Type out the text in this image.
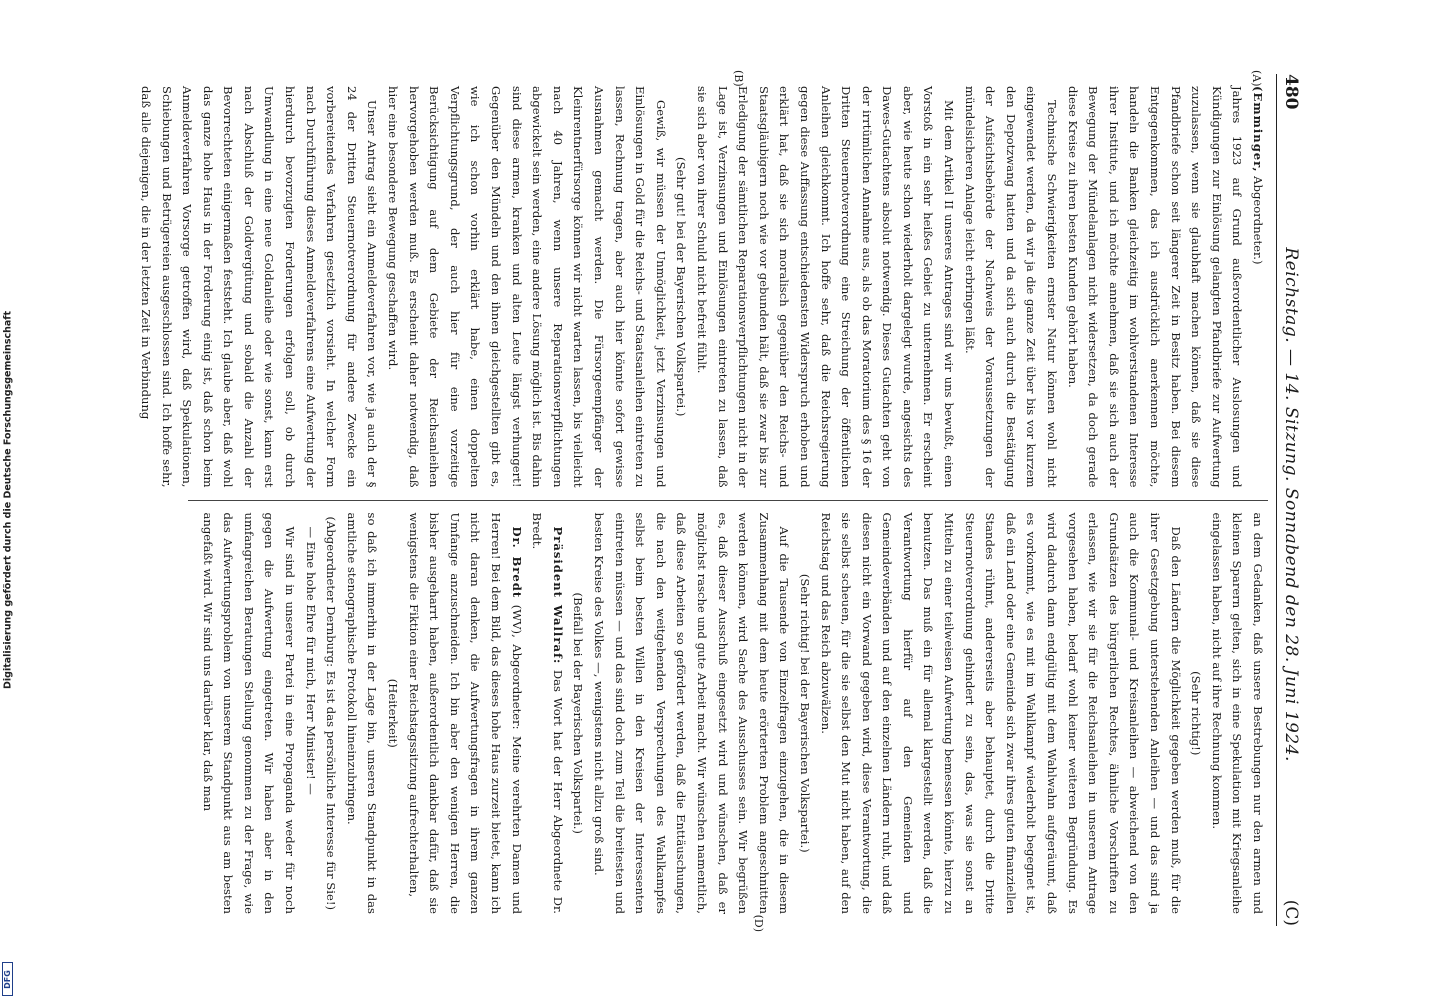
Digitalisierung gefördert durch die Deutsche Forschungsgemeinschaft
DFG
480
Reichstag. — 14. Sitzung. Sonnabend den 28. Juni 1924.
(C)

(Emminger, Abgeordneter.)

Jahres 1923 auf Grund außerordentlicher Auslosungen und Kündigungen zur Einlösung gelangten Pfandbriefe zur Aufwertung zuzulassen, wenn sie glaubhaft machen können, daß sie diese Pfandbriefe schon seit längerer Zeit in Besitz haben. Bei diesem Entgegenkommen, das ich ausdrücklich anerkennen möchte, handeln die Banken gleichzeitig im wohlverstandenen Interesse ihrer Institute, und ich möchte annehmen, daß sie sich auch der Bewegung der Mündelanlagen nicht widersetzen, da doch gerade diese Kreise zu ihren besten Kunden gehört haben.

Technische Schwierigkeiten ernster Natur können wohl nicht eingewendet werden, da wir ja die ganze Zeit über bis vor kurzem den Depotzwang hatten und da sich auch durch die Bestätigung der Aufsichtsbehörde der Nachweis der Voraussetzungen der mündelsicheren Anlage leicht erbringen läßt.

Mit dem Artikel II unseres Antrages sind wir uns bewußt, einen Vorstoß in ein sehr heißes Gebiet zu unternehmen. Er erscheint aber, wie heute schon wiederholt dargelegt wurde, angesichts des Dawes-Gutachtens absolut notwendig. Dieses Gutachten geht von der irrtümlichen Annahme aus, als ob das Moratorium des § 16 der Dritten Steuernotverordnung eine Streichung der öffentlichen Anleihen gleichkommt. Ich hoffe sehr, daß die Reichsregierung gegen diese Auffassung entschiedensten Widerspruch erhoben und erklärt hat, daß sie sich moralisch gegenüber den Reichs- und Staatsgläubigern noch wie vor gebunden hält, daß sie zwar bis zur Erledigung der sämtlichen Reparationsverpflichtungen nicht in der Lage ist, Verzinsungen und Einlösungen eintreten zu lassen, daß sie sich aber von ihrer Schuld nicht befreit fühlt.

(Sehr gut! bei der Bayerischen Volkspartei.)

Gewiß, wir müssen der Unmöglichkeit, jetzt Verzinsungen und Einlösungen in Gold für die Reichs- und Staatsanleihen eintreten zu lassen, Rechnung tragen, aber auch hier könnte sofort gewisse Ausnahmen gemacht werden. Die Fürsorgeempfänger der Kleinrentnerfürsorge können wir nicht warten lassen, bis vielleicht nach 40 Jahren, wenn unsere Reparationsverpflichtungen abgewickelt sein werden, eine andere Lösung möglich ist. Bis dahin sind diese armen, kranken und alten Leute längst verhungert! Gegenüber den Mündeln und den ihnen gleichgestellten gibt es, wie ich schon vorhin erklärt habe, einen doppelten Verpflichtungsgrund, der auch hier für eine vorzeitige Berücksichtigung auf dem Gebiete der Reichsanleihen hervorgehoben werden muß. Es erscheint daher notwendig, daß hier eine besondere Bewegung geschaffen wird.

Unser Antrag sieht ein Anmeldeverfahren vor, wie ja auch der § 24 der Dritten Steuernotverordnung für andere Zwecke ein vorbereitendes Verfahren gesetzlich vorsieht. In welcher Form nach Durchführung dieses Anmeldeverfahrens eine Aufwertung der hierdurch bevorzugten Forderungen erfolgen soll, ob durch Umwandlung in eine neue Goldanleihe oder wie sonst, kann erst nach Abschluß der Goldvergütung und sobald die Anzahl der Bevorrechteten einigermaßen feststeht. Ich glaube aber, daß wohl das ganze hohe Haus in der Forderung einig ist, daß schon beim Anmeldeverfahren Vorsorge getroffen wird, daß Spekulationen, Schiebungen und Betrügereien ausgeschlossen sind. Ich hoffe sehr, daß alle diejenigen, die in der letzten Zeit in Verbindung

(A)
(B)

an dem Gedanken, daß unsere Bestrebungen nur den armen und kleinen Sparern gelten, sich in eine Spekulation mit Kriegsanleihe eingelassen haben, nicht auf ihre Rechnung kommen.

(Sehr richtig!)

Daß den Ländern die Möglichkeit gegeben werden muß, für die ihrer Gesetzgebung unterstehenden Anleihen — und das sind ja auch die Kommunal- und Kreisanleihen — abweichend von den Grundsätzen des bürgerlichen Rechtes, ähnliche Vorschriften zu erlassen, wie wir sie für die Reichsanleihen in unserem Antrage vorgesehen haben, bedarf wohl keiner weiteren Begründung. Es wird dadurch dann endgültig mit dem Wahlwahn aufgeräumt, daß es vorkommt, wie es mit im Wahlkampf wiederholt begegnet ist, daß ein Land oder eine Gemeinde sich zwar ihres guten finanziellen Standes rühmt, andererseits aber behauptet, durch die Dritte Steuernotverordnung gehindert zu sein, das, was sie sonst an Mitteln zu einer teilweisen Aufwertung bemessen könnte, hierzu zu benutzen. Das muß ein für allemal klargestellt werden, daß die Verantwortung hierfür auf den Gemeinden und Gemeindeverbänden und auf den einzelnen Ländern ruht, und daß diesen nicht ein Vorwand gegeben wird, diese Verantwortung, die sie selbst scheuen, für die sie selbst den Mut nicht haben, auf den Reichstag und das Reich abzuwälzen.

(Sehr richtig! bei der Bayerischen Volkspartei.)

Auf die Tausende von Einzelfragen einzugehen, die in diesem Zusammenhang mit dem heute erörterten Problem angeschnitten werden können, wird Sache des Ausschusses sein. Wir begrüßen es, daß dieser Ausschuß eingesetzt wird und wünschen, daß er möglichst rasche und gute Arbeit macht. Wir wünschen namentlich, daß diese Arbeiten so gefördert werden, daß die Enttäuschungen, die nach den weitgehenden Versprechungen des Wahlkampfes selbst beim besten Willen in den Kreisen der Interessenten eintreten müssen — und das sind doch zum Teil die breitesten und besten Kreise des Volkes —, wenigstens nicht allzu groß sind.

(Beifall bei der Bayerischen Volkspartei.)

Präsident Wallraf: Das Wort hat der Herr Abgeordnete Dr. Bredt.

Dr. Bredt (WV), Abgeordneter: Meine verehrten Damen und Herren! Bei dem Bild, das dieses hohe Haus zurzeit bietet, kann ich nicht daran denken, die Aufwertungsfragen in ihrem ganzen Umfange anzuschneiden. Ich bin aber den wenigen Herren, die bisher ausgeharrt haben, außerordentlich dankbar dafür, daß sie wenigstens die Fiktion einer Reichstagssitzung aufrechterhalten,

(Heiterkeit)

so daß ich immerhin in der Lage bin, unseren Standpunkt in das amtliche stenographische Protokoll hineinzubringen.

(Abgeordneter Dernburg: Es ist das persönliche Interesse für Sie!)

— Eine hohe Ehre für mich, Herr Minister! —

Wir sind in unserer Partei in eine Propaganda weder für noch gegen die Aufwertung eingetreten. Wir haben aber in den umfangreichen Beratungen Stellung genommen zu der Frage, wie das Aufwertungsproblem von unserem Standpunkt aus am besten angefaßt wird. Wir sind uns darüber klar, daß man

(D)
